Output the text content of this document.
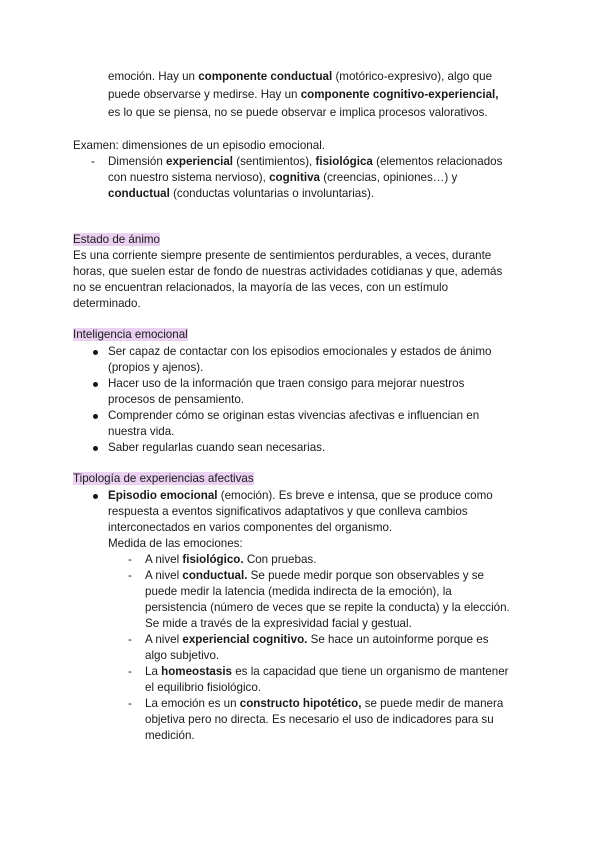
emoción. Hay un componente conductual (motórico-expresivo), algo que
puede observarse y medirse. Hay un componente cognitivo-experiencial,
es lo que se piensa, no se puede observar e implica procesos valorativos.
Examen: dimensiones de un episodio emocional.
- Dimensión experiencial (sentimientos), fisiológica (elementos relacionados
con nuestro sistema nervioso), cognitiva (creencias, opiniones…) y
conductual (conductas voluntarias o involuntarias).
Estado de ánimo
Es una corriente siempre presente de sentimientos perdurables, a veces, durante
horas, que suelen estar de fondo de nuestras actividades cotidianas y que, además
no se encuentran relacionados, la mayoría de las veces, con un estímulo
determinado.
Inteligencia emocional
Ser capaz de contactar con los episodios emocionales y estados de ánimo
(propios y ajenos).
Hacer uso de la información que traen consigo para mejorar nuestros
procesos de pensamiento.
Comprender cómo se originan estas vivencias afectivas e influencian en
nuestra vida.
Saber regularlas cuando sean necesarias.
Tipología de experiencias afectivas
Episodio emocional (emoción). Es breve e intensa, que se produce como
respuesta a eventos significativos adaptativos y que conlleva cambios
interconectados en varios componentes del organismo.
Medida de las emociones:
- A nivel fisiológico. Con pruebas.
- A nivel conductual. Se puede medir porque son observables y se
puede medir la latencia (medida indirecta de la emoción), la
persistencia (número de veces que se repite la conducta) y la elección.
Se mide a través de la expresividad facial y gestual.
- A nivel experiencial cognitivo. Se hace un autoinforme porque es
algo subjetivo.
- La homeostasis es la capacidad que tiene un organismo de mantener
el equilibrio fisiológico.
- La emoción es un constructo hipotético, se puede medir de manera
objetiva pero no directa. Es necesario el uso de indicadores para su
medición.
